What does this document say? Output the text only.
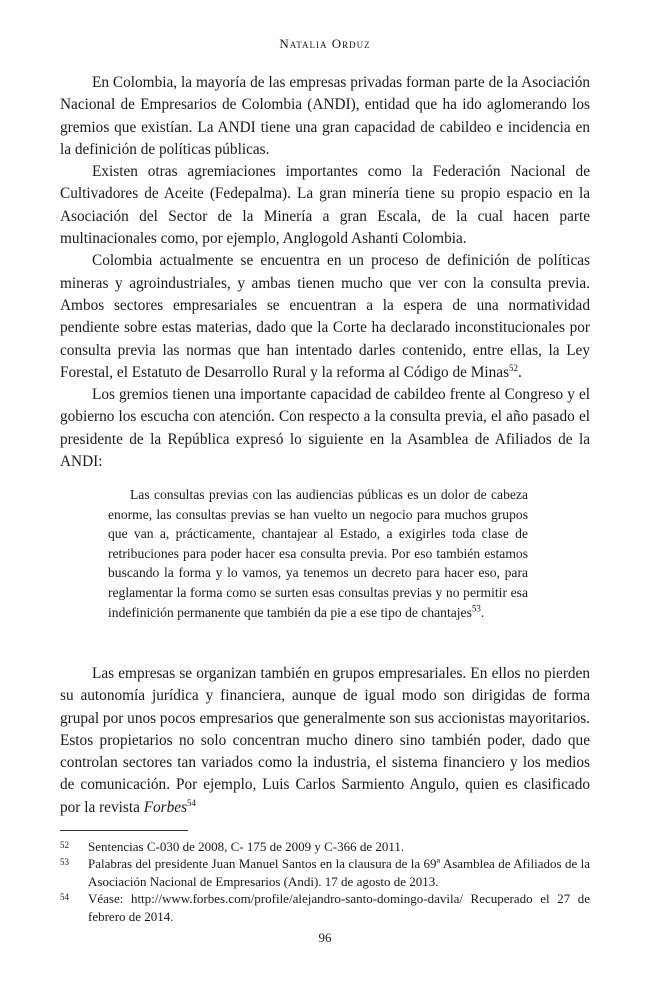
Natalia Orduz

En Colombia, la mayoría de las empresas privadas forman parte de la Asociación Nacional de Empresarios de Colombia (ANDI), entidad que ha ido aglomerando los gremios que existían. La ANDI tiene una gran capacidad de cabildeo e incidencia en la definición de políticas públicas.

Existen otras agremiaciones importantes como la Federación Nacional de Cultivadores de Aceite (Fedepalma). La gran minería tiene su propio espacio en la Asociación del Sector de la Minería a gran Escala, de la cual hacen parte multinacionales como, por ejemplo, Anglogold Ashanti Colombia.

Colombia actualmente se encuentra en un proceso de definición de políticas mineras y agroindustriales, y ambas tienen mucho que ver con la consulta previa. Ambos sectores empresariales se encuentran a la espera de una normatividad pendiente sobre estas materias, dado que la Corte ha declarado inconstitucionales por consulta previa las normas que han intentado darles contenido, entre ellas, la Ley Forestal, el Estatuto de Desarrollo Rural y la reforma al Código de Minas$^{52}$.

Los gremios tienen una importante capacidad de cabildeo frente al Congreso y el gobierno los escucha con atención. Con respecto a la consulta previa, el año pasado el presidente de la República expresó lo siguiente en la Asamblea de Afiliados de la ANDI:

Las consultas previas con las audiencias públicas es un dolor de cabeza enorme, las consultas previas se han vuelto un negocio para muchos grupos que van a, prácticamente, chantajear al Estado, a exigirles toda clase de retribuciones para poder hacer esa consulta previa. Por eso también estamos buscando la forma y lo vamos, ya tenemos un decreto para hacer eso, para reglamentar la forma como se surten esas consultas previas y no permitir esa indefinición permanente que también da pie a ese tipo de chantajes$^{53}$.

Las empresas se organizan también en grupos empresariales. En ellos no pierden su autonomía jurídica y financiera, aunque de igual modo son dirigidas de forma grupal por unos pocos empresarios que generalmente son sus accionistas mayoritarios. Estos propietarios no solo concentran mucho dinero sino también poder, dado que controlan sectores tan variados como la industria, el sistema financiero y los medios de comunicación. Por ejemplo, Luis Carlos Sarmiento Angulo, quien es clasificado por la revista Forbes$^{54}$

52	Sentencias C-030 de 2008, C- 175 de 2009 y C-366 de 2011.
53	Palabras del presidente Juan Manuel Santos en la clausura de la 69ª Asamblea de Afiliados de la Asociación Nacional de Empresarios (Andi). 17 de agosto de 2013.
54	Véase: http://www.forbes.com/profile/alejandro-santo-domingo-davila/ Recuperado el 27 de febrero de 2014.
96
